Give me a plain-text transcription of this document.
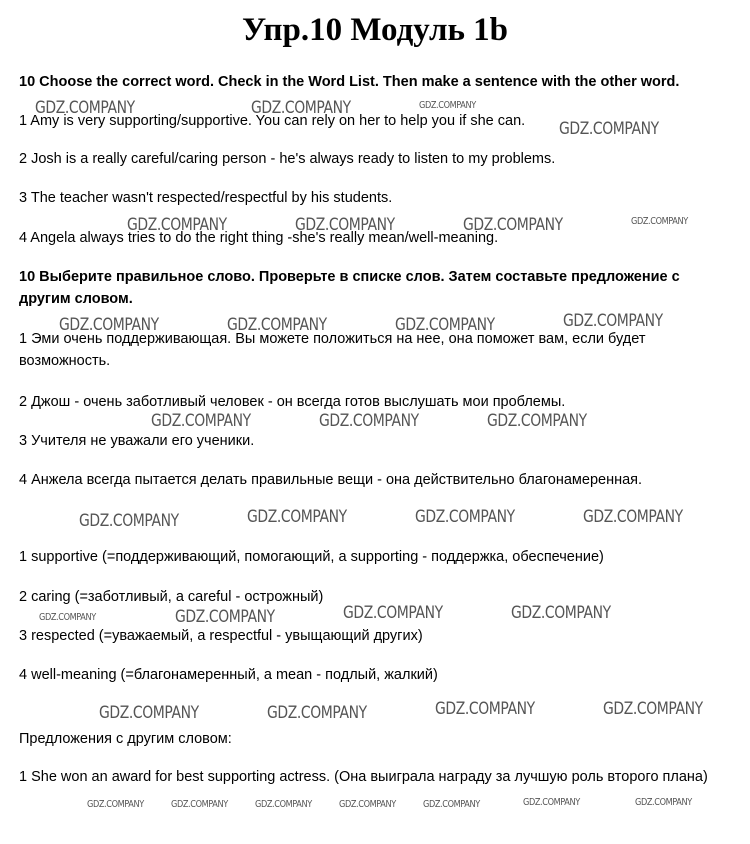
Упр.10 Модуль 1b
10 Choose the correct word. Check in the Word List. Then make a sentence with the other word.
1 Amy is very supporting/supportive. You can rely on her to help you if she can.
2 Josh is a really careful/caring person - he's always ready to listen to my problems.
3 The teacher wasn't respected/respectful by his students.
4 Angela always tries to do the right thing -she's really mean/well-meaning.
10 Выберите правильное слово. Проверьте в списке слов. Затем составьте предложение с другим словом.
1 Эми очень поддерживающая. Вы можете положиться на нее, она поможет вам, если будет возможность.
2 Джош - очень заботливый человек - он всегда готов выслушать мои проблемы.
3 Учителя не уважали его ученики.
4 Анжела всегда пытается делать правильные вещи - она действительно благонамеренная.
1 supportive (=поддерживающий, помогающий, a supporting - поддержка, обеспечение)
2 caring (=заботливый, a careful - острожный)
3 respected (=уважаемый, a respectful - увыщающий других)
4 well-meaning (=благонамеренный, a mean - подлый, жалкий)
Предложения с другим словом:
1 She won an award for best supporting actress. (Она выиграла награду за лучшую роль второго плана)
GDZ.COMPANY	GDZ.COMPANY	GDZ.COMPANY
GDZ.COMPANY
GDZ.COMPANY	GDZ.COMPANY	GDZ.COMPANY	GDZ.COMPANY
GDZ.COMPANY	GDZ.COMPANY	GDZ.COMPANY	GDZ.COMPANY
GDZ.COMPANY	GDZ.COMPANY	GDZ.COMPANY
GDZ.COMPANY	GDZ.COMPANY	GDZ.COMPANY	GDZ.COMPANY
GDZ.COMPANY	GDZ.COMPANY	GDZ.COMPANY	GDZ.COMPANY
GDZ.COMPANY	GDZ.COMPANY	GDZ.COMPANY	GDZ.COMPANY
GDZ.COMPANY	GDZ.COMPANY	GDZ.COMPANY	GDZ.COMPANY	GDZ.COMPANY	GDZ.COMPANY	GDZ.COMPANY
